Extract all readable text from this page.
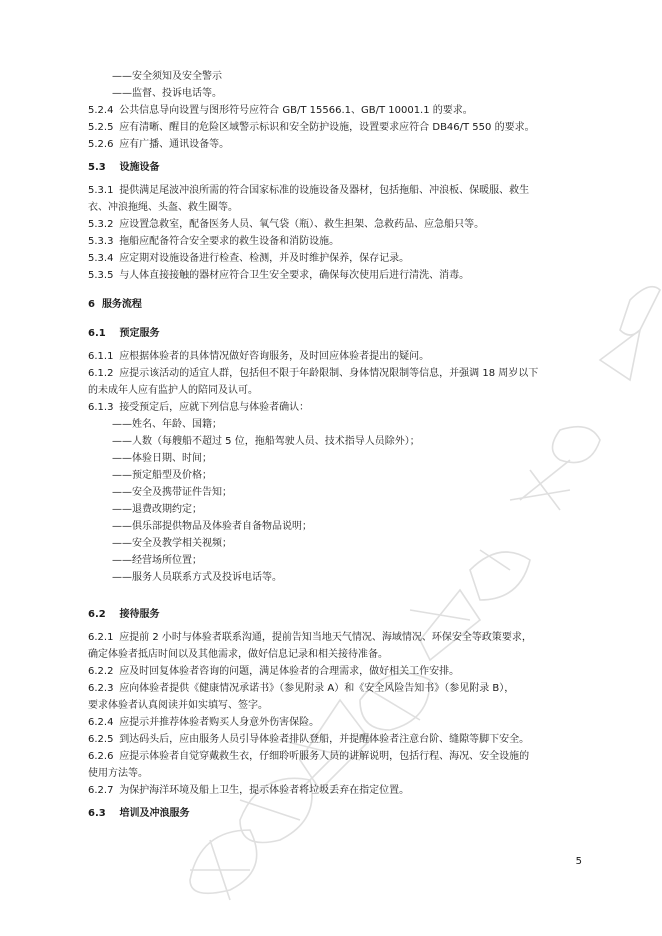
——安全须知及安全警示
——监督、投诉电话等。
5.2.4 公共信息导向设置与图形符号应符合 GB/T 15566.1、GB/T 10001.1 的要求。
5.2.5 应有清晰、醒目的危险区域警示标识和安全防护设施，设置要求应符合 DB46/T 550 的要求。
5.2.6 应有广播、通讯设备等。
5.3 设施设备
5.3.1 提供满足尾波冲浪所需的符合国家标准的设施设备及器材，包括拖船、冲浪板、保暖服、救生
衣、冲浪拖绳、头盔、救生圈等。
5.3.2 应设置急救室，配备医务人员、氧气袋（瓶）、救生担架、急救药品、应急船只等。
5.3.3 拖船应配备符合安全要求的救生设备和消防设施。
5.3.4 应定期对设施设备进行检查、检测，并及时维护保养，保存记录。
5.3.5 与人体直接接触的器材应符合卫生安全要求，确保每次使用后进行清洗、消毒。
6 服务流程
6.1 预定服务
6.1.1 应根据体验者的具体情况做好咨询服务，及时回应体验者提出的疑问。
6.1.2 应提示该活动的适宜人群，包括但不限于年龄限制、身体情况限制等信息，并强调 18 周岁以下
的未成年人应有监护人的陪同及认可。
6.1.3 接受预定后，应就下列信息与体验者确认：
——姓名、年龄、国籍；
——人数（每艘船不超过 5 位，拖船驾驶人员、技术指导人员除外）；
——体验日期、时间；
——预定船型及价格；
——安全及携带证件告知；
——退费改期约定；
——俱乐部提供物品及体验者自备物品说明；
——安全及教学相关视频；
——经营场所位置；
——服务人员联系方式及投诉电话等。
6.2 接待服务
6.2.1 应提前 2 小时与体验者联系沟通，提前告知当地天气情况、海域情况、环保安全等政策要求，
确定体验者抵店时间以及其他需求，做好信息记录和相关接待准备。
6.2.2 应及时回复体验者咨询的问题，满足体验者的合理需求，做好相关工作安排。
6.2.3 应向体验者提供《健康情况承诺书》（参见附录 A）和《安全风险告知书》（参见附录 B），
要求体验者认真阅读并如实填写、签字。
6.2.4 应提示并推荐体验者购买人身意外伤害保险。
6.2.5 到达码头后，应由服务人员引导体验者排队登船，并提醒体验者注意台阶、缝隙等脚下安全。
6.2.6 应提示体验者自觉穿戴救生衣，仔细聆听服务人员的讲解说明，包括行程、海况、安全设施的
使用方法等。
6.2.7 为保护海洋环境及船上卫生，提示体验者将垃圾丢弃在指定位置。
6.3 培训及冲浪服务
5
